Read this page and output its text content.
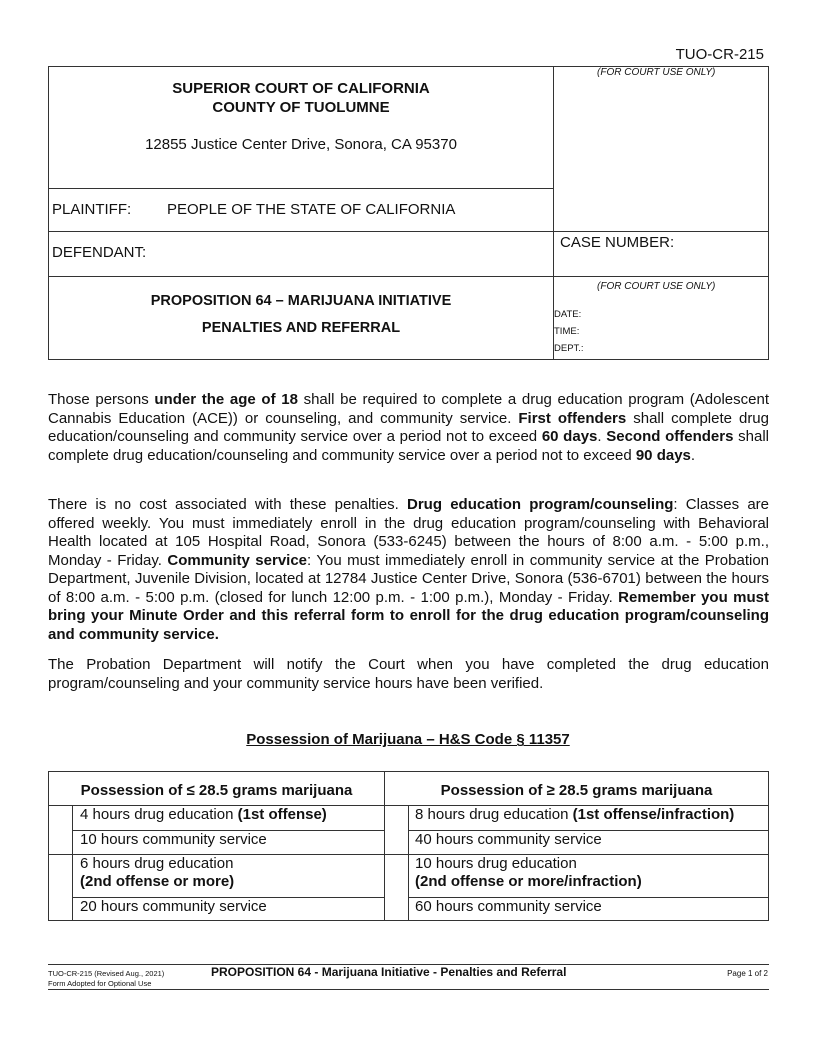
TUO-CR-215
SUPERIOR COURT OF CALIFORNIA
COUNTY OF TUOLUMNE
12855 Justice Center Drive, Sonora, CA 95370
(FOR COURT USE ONLY)
PLAINTIFF: PEOPLE OF THE STATE OF CALIFORNIA
DEFENDANT:
CASE NUMBER:
PROPOSITION 64 – MARIJUANA INITIATIVE
PENALTIES AND REFERRAL
(FOR COURT USE ONLY)
DATE:
TIME:
DEPT.:
Those persons under the age of 18 shall be required to complete a drug education program (Adolescent Cannabis Education (ACE)) or counseling, and community service. First offenders shall complete drug education/counseling and community service over a period not to exceed 60 days. Second offenders shall complete drug education/counseling and community service over a period not to exceed 90 days.
There is no cost associated with these penalties. Drug education program/counseling: Classes are offered weekly. You must immediately enroll in the drug education program/counseling with Behavioral Health located at 105 Hospital Road, Sonora (533-6245) between the hours of 8:00 a.m. - 5:00 p.m., Monday - Friday. Community service: You must immediately enroll in community service at the Probation Department, Juvenile Division, located at 12784 Justice Center Drive, Sonora (536-6701) between the hours of 8:00 a.m. - 5:00 p.m. (closed for lunch 12:00 p.m. - 1:00 p.m.), Monday - Friday. Remember you must bring your Minute Order and this referral form to enroll for the drug education program/counseling and community service.
The Probation Department will notify the Court when you have completed the drug education program/counseling and your community service hours have been verified.
Possession of Marijuana – H&S Code § 11357
Possession of ≤ 28.5 grams marijuana	Possession of ≥ 28.5 grams marijuana
4 hours drug education (1st offense)
10 hours community service
6 hours drug education
(2nd offense or more)
20 hours community service
8 hours drug education (1st offense/infraction)
40 hours community service
10 hours drug education
(2nd offense or more/infraction)
60 hours community service
TUO-CR-215 (Revised Aug., 2021)
Form Adopted for Optional Use
PROPOSITION 64 - Marijuana Initiative - Penalties and Referral	Page 1 of 2
